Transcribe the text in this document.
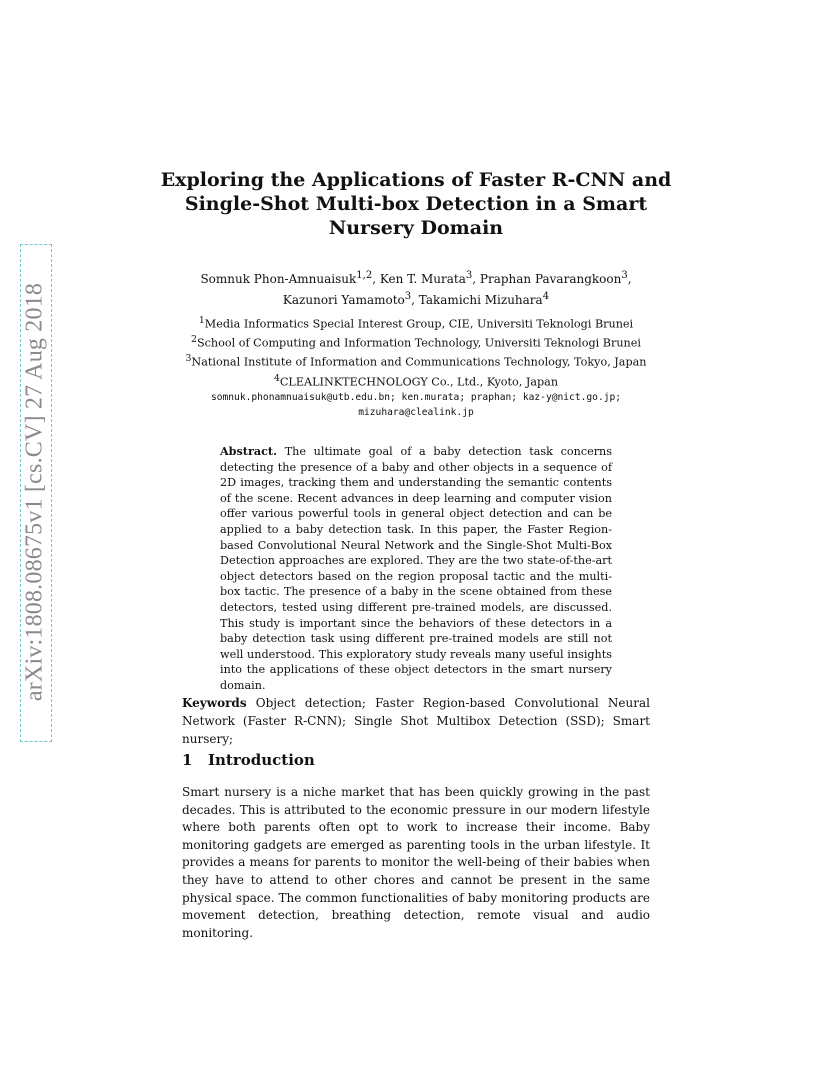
arXiv:1808.08675v1 [cs.CV] 27 Aug 2018
Exploring the Applications of Faster R-CNN and Single-Shot Multi-box Detection in a Smart Nursery Domain
Somnuk Phon-Amnuaisuk$^{1,2}$, Ken T. Murata$^3$, Praphan Pavarangkoon$^3$,
Kazunori Yamamoto$^3$, Takamichi Mizuhara$^4$
$^1$Media Informatics Special Interest Group, CIE, Universiti Teknologi Brunei
$^2$School of Computing and Information Technology, Universiti Teknologi Brunei
$^3$National Institute of Information and Communications Technology, Tokyo, Japan
$^4$CLEALINKTECHNOLOGY Co., Ltd., Kyoto, Japan
somnuk.phonamnuaisuk@utb.edu.bn; ken.murata; praphan; kaz-y@nict.go.jp;
mizuhara@clealink.jp
Abstract. The ultimate goal of a baby detection task concerns detecting the presence of a baby and other objects in a sequence of 2D images, tracking them and understanding the semantic contents of the scene. Recent advances in deep learning and computer vision offer various powerful tools in general object detection and can be applied to a baby detection task. In this paper, the Faster Region-based Convolutional Neural Network and the Single-Shot Multi-Box Detection approaches are explored. They are the two state-of-the-art object detectors based on the region proposal tactic and the multi-box tactic. The presence of a baby in the scene obtained from these detectors, tested using different pre-trained models, are discussed. This study is important since the behaviors of these detectors in a baby detection task using different pre-trained models are still not well understood. This exploratory study reveals many useful insights into the applications of these object detectors in the smart nursery domain.
Keywords Object detection; Faster Region-based Convolutional Neural Network (Faster R-CNN); Single Shot Multibox Detection (SSD); Smart nursery;
1 Introduction
Smart nursery is a niche market that has been quickly growing in the past decades. This is attributed to the economic pressure in our modern lifestyle where both parents often opt to work to increase their income. Baby monitoring gadgets are emerged as parenting tools in the urban lifestyle. It provides a means for parents to monitor the well-being of their babies when they have to attend to other chores and cannot be present in the same physical space. The common functionalities of baby monitoring products are movement detection, breathing detection, remote visual and audio monitoring.
